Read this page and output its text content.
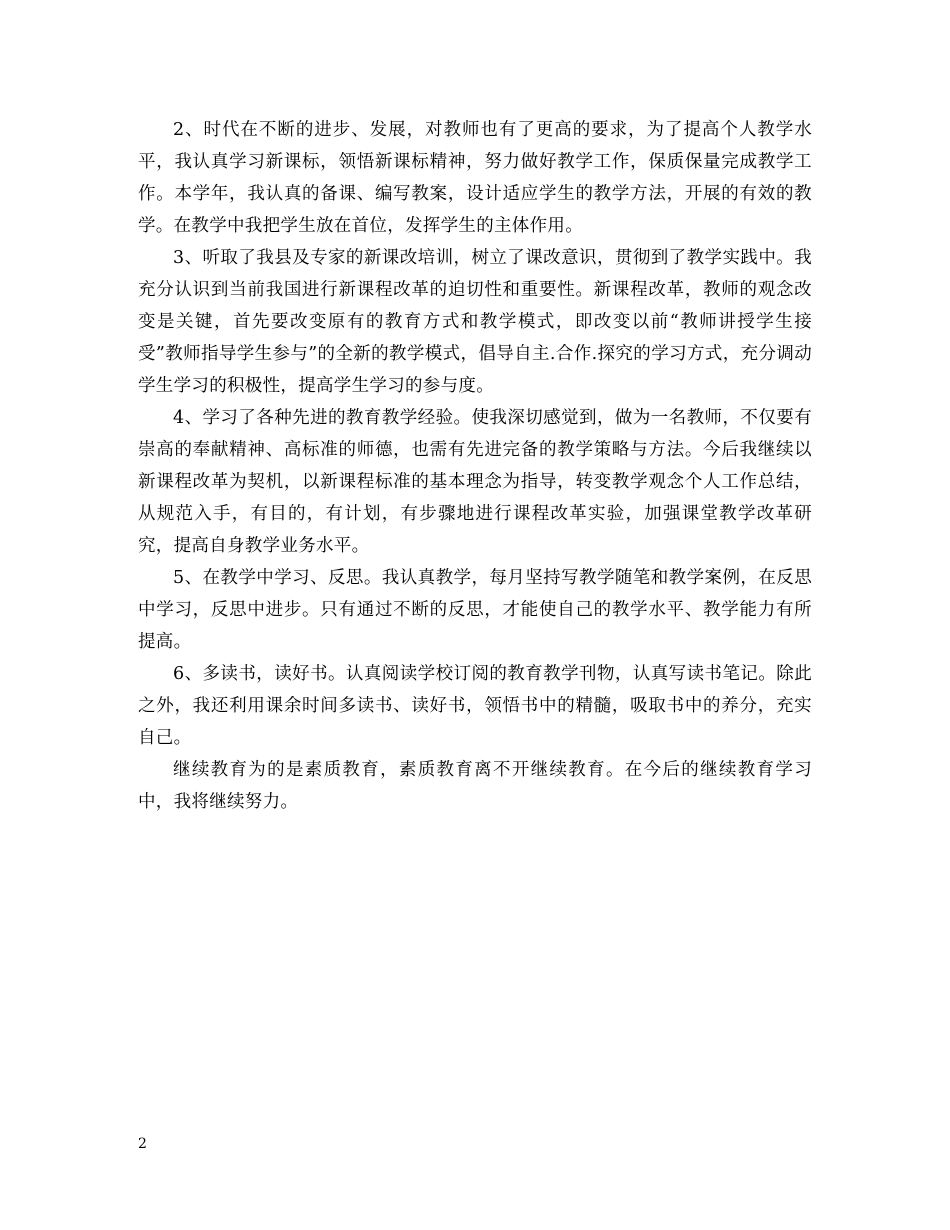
2、时代在不断的进步、发展，对教师也有了更高的要求，为了提高个人教学水平，我认真学习新课标，领悟新课标精神，努力做好教学工作，保质保量完成教学工作。本学年，我认真的备课、编写教案，设计适应学生的教学方法，开展的有效的教学。在教学中我把学生放在首位，发挥学生的主体作用。

3、听取了我县及专家的新课改培训，树立了课改意识，贯彻到了教学实践中。我充分认识到当前我国进行新课程改革的迫切性和重要性。新课程改革，教师的观念改变是关键，首先要改变原有的教育方式和教学模式，即改变以前“教师讲授学生接受”教师指导学生参与”的全新的教学模式，倡导自主.合作.探究的学习方式，充分调动学生学习的积极性，提高学生学习的参与度。

4、学习了各种先进的教育教学经验。使我深切感觉到，做为一名教师，不仅要有崇高的奉献精神、高标准的师德，也需有先进完备的教学策略与方法。今后我继续以新课程改革为契机，以新课程标准的基本理念为指导，转变教学观念个人工作总结，从规范入手，有目的，有计划，有步骤地进行课程改革实验，加强课堂教学改革研究，提高自身教学业务水平。

5、在教学中学习、反思。我认真教学，每月坚持写教学随笔和教学案例，在反思中学习，反思中进步。只有通过不断的反思，才能使自己的教学水平、教学能力有所提高。

6、多读书，读好书。认真阅读学校订阅的教育教学刊物，认真写读书笔记。除此之外，我还利用课余时间多读书、读好书，领悟书中的精髓，吸取书中的养分，充实自己。

继续教育为的是素质教育，素质教育离不开继续教育。在今后的继续教育学习中，我将继续努力。

2
